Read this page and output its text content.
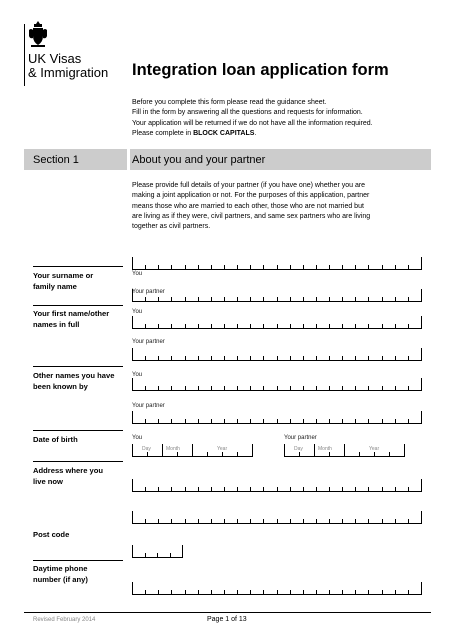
UK Visas
& Immigration Integration loan application form
Before you complete this form please read the guidance sheet.
Fill in the form by answering all the questions and requests for information.
Your application will be returned if we do not have all the information required.
Please complete in BLOCK CAPITALS.
Section 1	About you and your partner
Please provide full details of your partner (if you have one) whether you are
making a joint application or not. For the purposes of this application, partner
means those who are married to each other, those who are not married but
are living as if they were, civil partners, and same sex partners who are living
together as civil partners.
Your surname or
family name
You
Your partner
Your first name/other
names in full
You
Your partner
Other names you have
been known by
You
Your partner
Date of birth	You	Your partner
Day	Month	Year	Day	Month	Year
Address where you
live now
Post code
Daytime phone
number (if any)
Revised February 2014	Page 1 of 13
